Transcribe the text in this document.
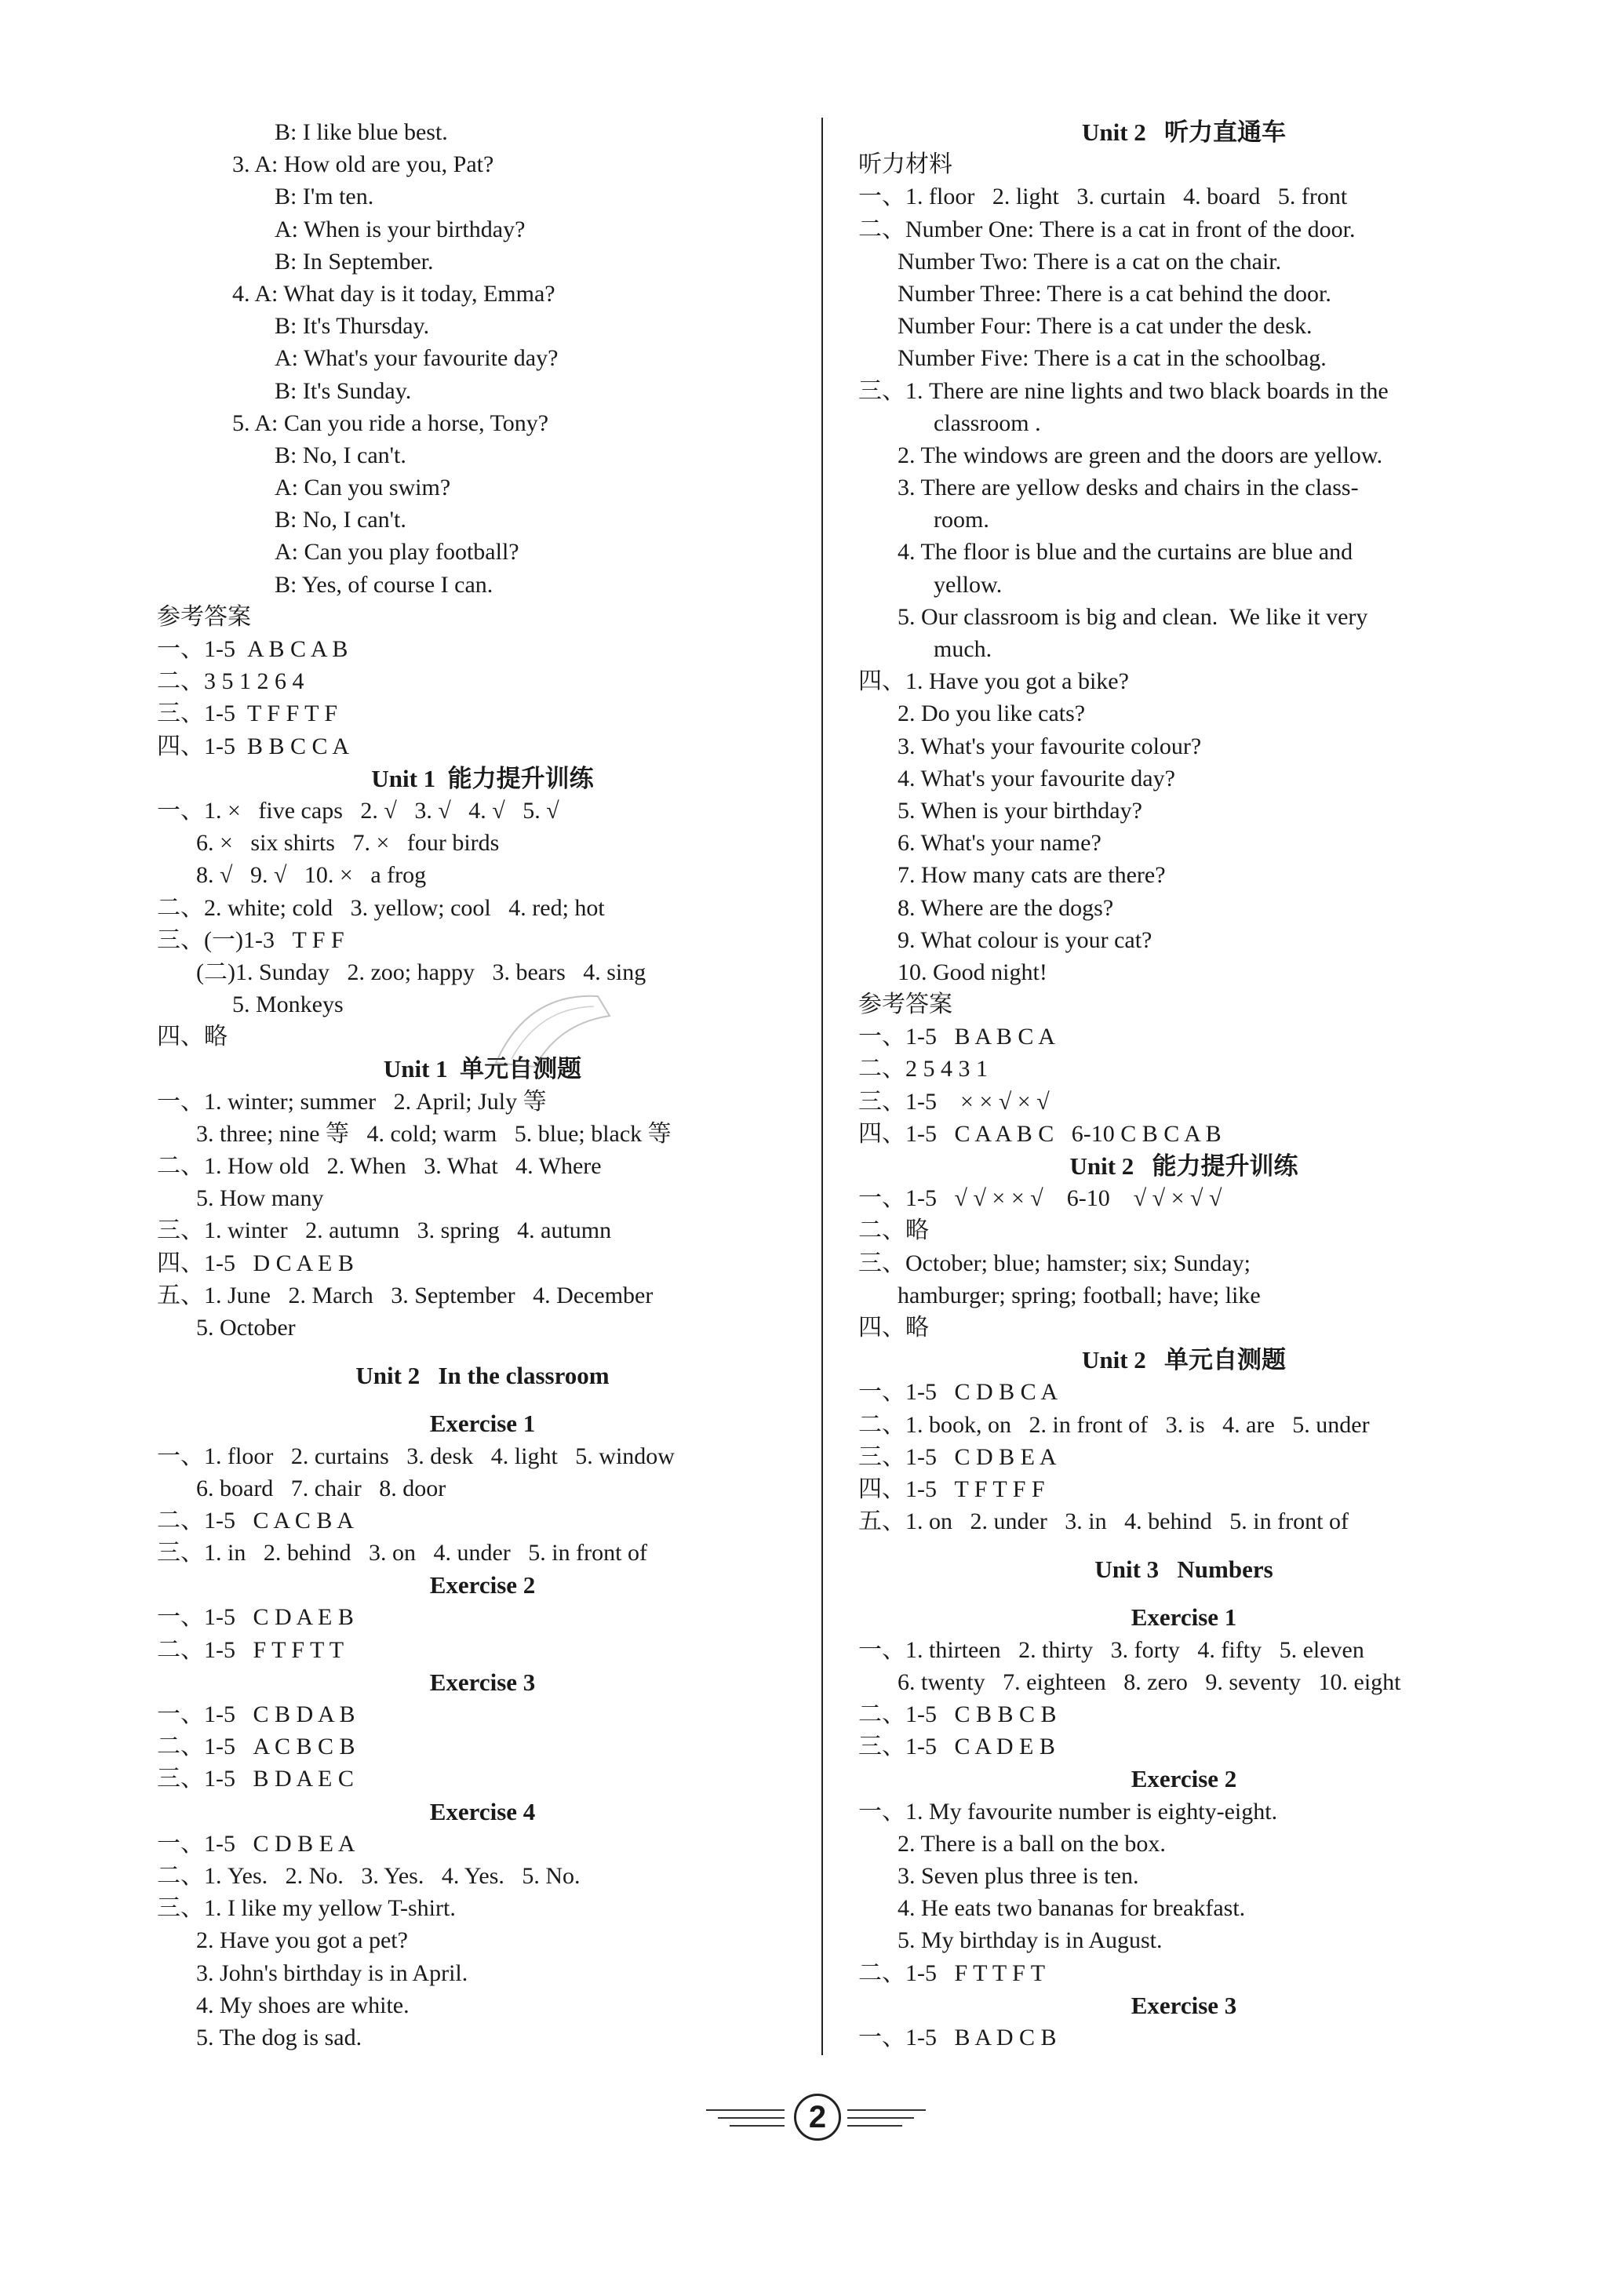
B: I like blue best.
3. A: How old are you, Pat?
B: I'm ten.
A: When is your birthday?
B: In September.
4. A: What day is it today, Emma?
B: It's Thursday.
A: What's your favourite day?
B: It's Sunday.
5. A: Can you ride a horse, Tony?
B: No, I can't.
A: Can you swim?
B: No, I can't.
A: Can you play football?
B: Yes, of course I can.
参考答案
一、1-5  A B C A B
二、3 5 1 2 6 4
三、1-5  T F F T F
四、1-5  B B C C A
Unit 1  能力提升训练
一、1. ×   five caps   2. √   3. √   4. √   5. √
6. ×   six shirts   7. ×   four birds
8. √   9. √   10. ×   a frog
二、2. white; cold   3. yellow; cool   4. red; hot
三、(一)1-3   T F F
(二)1. Sunday   2. zoo; happy   3. bears   4. sing
5. Monkeys
四、略
Unit 1  单元自测题
一、1. winter; summer   2. April; July 等
3. three; nine 等   4. cold; warm   5. blue; black 等
二、1. How old   2. When   3. What   4. Where
5. How many
三、1. winter   2. autumn   3. spring   4. autumn
四、1-5   D C A E B
五、1. June   2. March   3. September   4. December
5. October
Unit 2   In the classroom
Exercise 1
一、1. floor   2. curtains   3. desk   4. light   5. window
6. board   7. chair   8. door
二、1-5   C A C B A
三、1. in   2. behind   3. on   4. under   5. in front of
Exercise 2
一、1-5   C D A E B
二、1-5   F T F T T
Exercise 3
一、1-5   C B D A B
二、1-5   A C B C B
三、1-5   B D A E C
Exercise 4
一、1-5   C D B E A
二、1. Yes.   2. No.   3. Yes.   4. Yes.   5. No.
三、1. I like my yellow T-shirt.
2. Have you got a pet?
3. John's birthday is in April.
4. My shoes are white.
5. The dog is sad.
Unit 2   听力直通车
听力材料
一、1. floor   2. light   3. curtain   4. board   5. front
二、Number One: There is a cat in front of the door.
Number Two: There is a cat on the chair.
Number Three: There is a cat behind the door.
Number Four: There is a cat under the desk.
Number Five: There is a cat in the schoolbag.
三、1. There are nine lights and two black boards in the
classroom .
2. The windows are green and the doors are yellow.
3. There are yellow desks and chairs in the class-
room.
4. The floor is blue and the curtains are blue and
yellow.
5. Our classroom is big and clean.  We like it very
much.
四、1. Have you got a bike?
2. Do you like cats?
3. What's your favourite colour?
4. What's your favourite day?
5. When is your birthday?
6. What's your name?
7. How many cats are there?
8. Where are the dogs?
9. What colour is your cat?
10. Good night!
参考答案
一、1-5   B A B C A
二、2 5 4 3 1
三、1-5    × × √ × √
四、1-5   C A A B C   6-10 C B C A B
Unit 2   能力提升训练
一、1-5   √ √ × × √    6-10    √ √ × √ √
二、略
三、October; blue; hamster; six; Sunday;
hamburger; spring; football; have; like
四、略
Unit 2   单元自测题
一、1-5   C D B C A
二、1. book, on   2. in front of   3. is   4. are   5. under
三、1-5   C D B E A
四、1-5   T F T F F
五、1. on   2. under   3. in   4. behind   5. in front of
Unit 3   Numbers
Exercise 1
一、1. thirteen   2. thirty   3. forty   4. fifty   5. eleven
6. twenty   7. eighteen   8. zero   9. seventy   10. eight
二、1-5   C B B C B
三、1-5   C A D E B
Exercise 2
一、1. My favourite number is eighty-eight.
2. There is a ball on the box.
3. Seven plus three is ten.
4. He eats two bananas for breakfast.
5. My birthday is in August.
二、1-5   F T T F T
Exercise 3
一、1-5   B A D C B
2
